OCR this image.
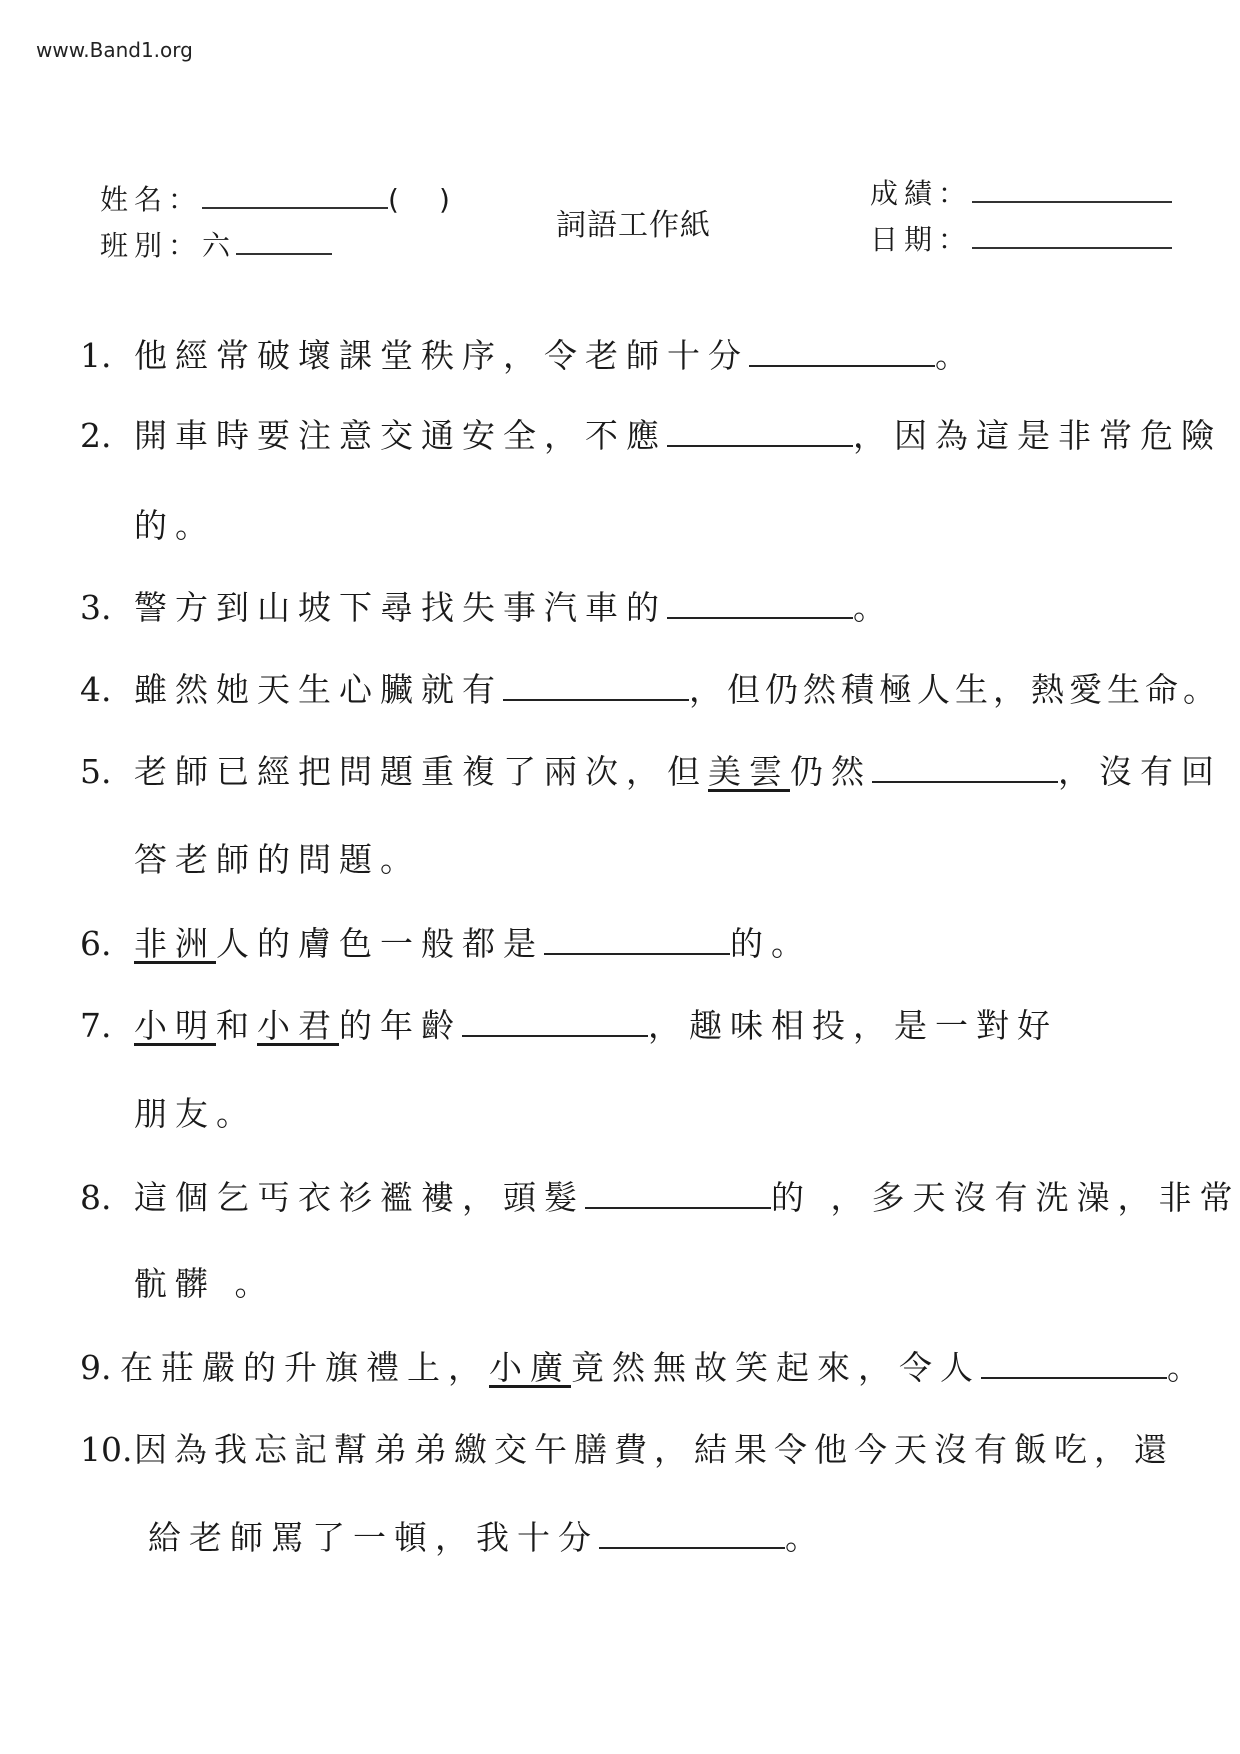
www.Band1.org
姓名：	(　)
班別：六
詞語工作紙
成績：
日期：
1. 他經常破壞課堂秩序，令老師十分	。
2. 開車時要注意交通安全，不應	，因為這是非常危險
的。
3. 警方到山坡下尋找失事汽車的	。
4. 雖然她天生心臟就有	，但仍然積極人生，熱愛生命。
5. 老師已經把問題重複了兩次，但美雲仍然	，沒有回
答老師的問題。
6. 非洲人的膚色一般都是	的。
7. 小明和小君的年齡	，趣味相投，是一對好
朋友。
8. 這個乞丐衣衫襤褸，頭髮	的 ，多天沒有洗澡，非常
骯髒 。
9. 在莊嚴的升旗禮上，小廣竟然無故笑起來，令人	。
10.因為我忘記幫弟弟繳交午膳費，結果令他今天沒有飯吃，還
給老師罵了一頓，我十分	。
